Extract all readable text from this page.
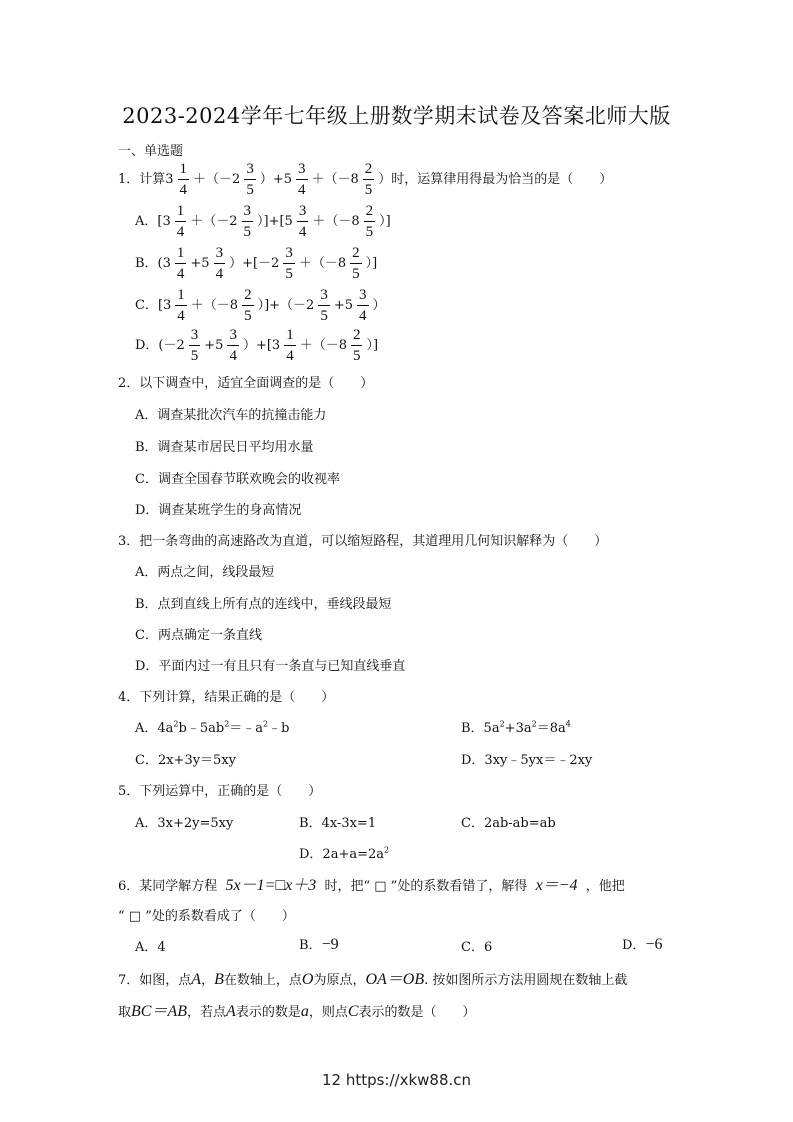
2023-2024学年七年级上册数学期末试卷及答案北师大版
一、单选题
1．计算$3 \frac{1}{4} +(-2 \frac{3}{5} )+5 \frac{3}{4} +(-8 \frac{2}{5}$ ）时，运算律用得最为恰当的是（　　）
A．$[3 \frac{1}{4} +(-2 \frac{3}{5} )]+[5 \frac{3}{4} +(-8 \frac{2}{5}$ ）]
B．$(3 \frac{1}{4} +5 \frac{3}{4} )+[-2 \frac{3}{5} +(-8 \frac{2}{5}$ ）]
C．$[3 \frac{1}{4} +(-8 \frac{2}{5} )]+(-2 \frac{3}{5} +5 \frac{3}{4}$ ）
D．$(-2 \frac{3}{5} +5 \frac{3}{4} )+[3 \frac{1}{4} +(-8 \frac{2}{5}$ ）]
2．以下调查中，适宜全面调查的是（　　）
A．调查某批次汽车的抗撞击能力
B．调查某市居民日平均用水量
C．调查全国春节联欢晚会的收视率
D．调查某班学生的身高情况
3．把一条弯曲的高速路改为直道，可以缩短路程，其道理用几何知识解释为（　　）
A．两点之间，线段最短
B．点到直线上所有点的连线中，垂线段最短
C．两点确定一条直线
D．平面内过一有且只有一条直与已知直线垂直
4．下列计算，结果正确的是（　　）
A．$4a^2b﹣5ab^2=﹣a^2﹣b$	B．$5a^2+3a^2=8a^4$
C．2x+3y＝5xy	D．3xy﹣5yx＝﹣2xy
5．下列运算中，正确的是（　　）
A．3x+2y=5xy	B．4x-3x=1	C．2ab-ab=ab
D．$2a+a=2a^2$
6．某同学解方程 5x－1=□x＋3 时，把“ □ ”处的系数看错了，解得 x＝−4 ，他把
“ □ ”处的系数看成了（　　）
A．4	B．−9	C．6	D．−6
7．如图，点A，B在数轴上，点O为原点，OA＝OB. 按如图所示方法用圆规在数轴上截
取BC＝AB，若点A表示的数是a，则点C表示的数是（　　）
12 https://xkw88.cn
